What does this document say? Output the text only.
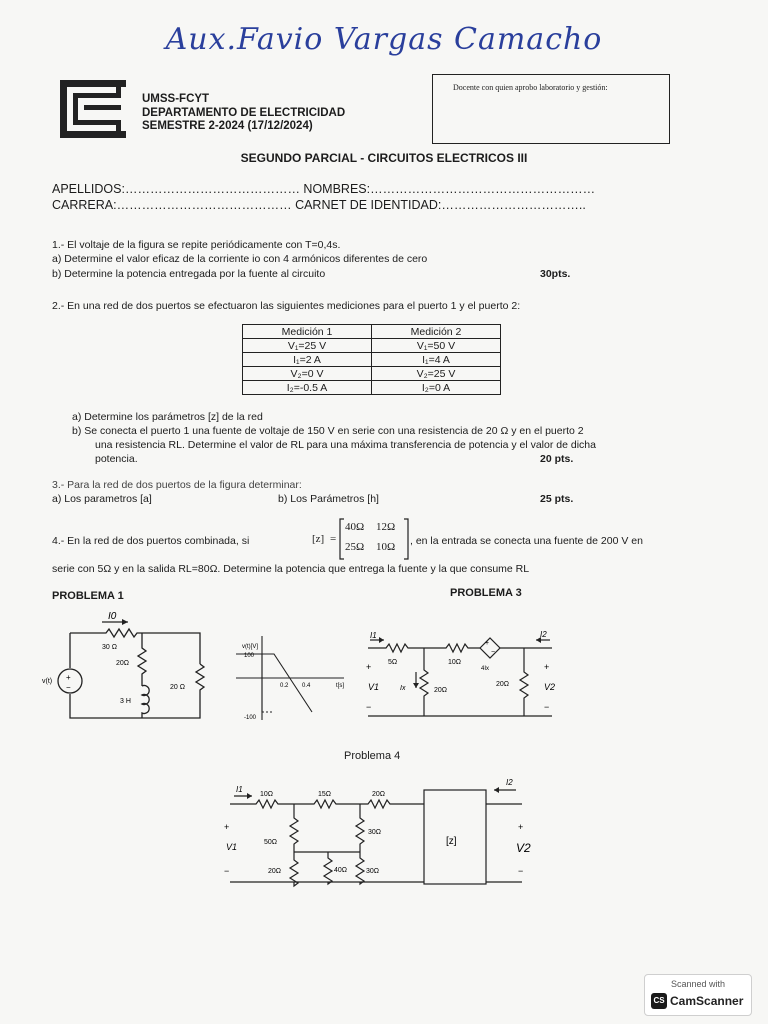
Aux.Favio Vargas Camacho
UMSS-FCYT
DEPARTAMENTO DE ELECTRICIDAD
SEMESTRE 2-2024 (17/12/2024)
Docente con quien aprobo laboratorio y gestión:
SEGUNDO PARCIAL - CIRCUITOS ELECTRICOS III
APELLIDOS:…………………………………… NOMBRES:………………………………………………
CARRERA:…………………………………… CARNET DE IDENTIDAD:……………………………..
1.- El voltaje de la figura se repite periódicamente con T=0,4s.
a) Determine el valor eficaz de la corriente io con 4 armónicos diferentes de cero
b) Determine la potencia entregada por la fuente al circuito	30pts.
2.- En una red de dos puertos se efectuaron las siguientes mediciones para el puerto 1 y el puerto 2:
Medición 1	Medición 2
V₁=25 V	V₁=50 V
I₁=2 A	I₁=4 A
V₂=0 V	V₂=25 V
I₂=-0.5 A	I₂=0 A
a) Determine los parámetros [z] de la red
b) Se conecta el puerto 1 una fuente de voltaje de 150 V en serie con una resistencia de 20 Ω y en el puerto 2
una resistencia RL. Determine el valor de RL para una máxima transferencia de potencia y el valor de dicha
potencia.	20 pts.
3.- Para la red de dos puertos de la figura determinar:
a) Los parametros [a]	b) Los Parámetros [h]	25 pts.
4.- En la red de dos puertos combinada, si	[z] =
40Ω 12Ω
25Ω 10Ω , en la entrada se conecta una fuente de 200 V en
serie con 5Ω y en la salida RL=80Ω. Determine la potencia que entrega la fuente y la que consume RL
PROBLEMA 1	PROBLEMA 3
Problema 4
+
−
I0
30 Ω
20Ω
3 H
20 Ω
v(t)
v(t)[V]
100
-100
0.2 0.4	t[s]
+
−
I1	I2
5Ω	10Ω
4Ix
Ix	20Ω
20Ω
+
V1
−
+
V2
−
I1
I2
10Ω	15Ω	20Ω
30Ω
50Ω
20Ω	40Ω	30Ω
[z]
+
V1
−
+
V2
−
Scanned with
CS CamScanner
